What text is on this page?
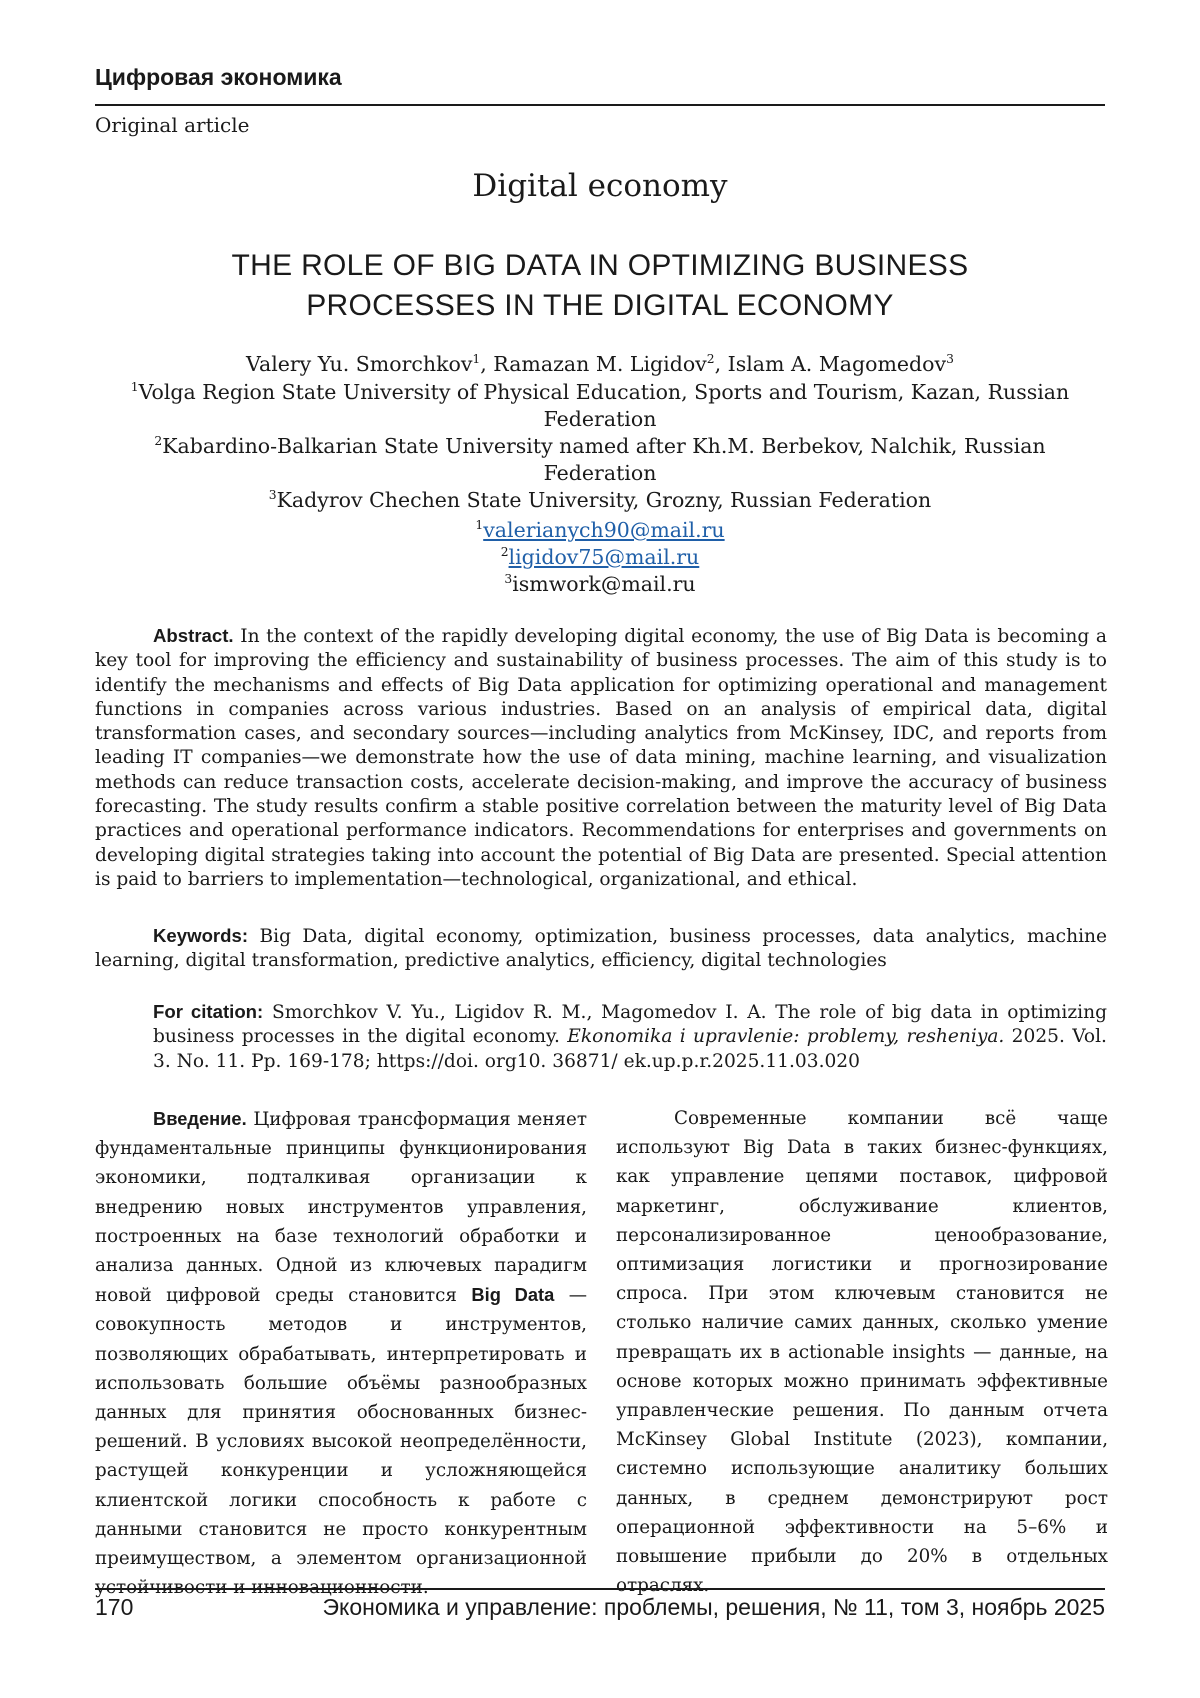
Цифровая экономика
Original article
Digital economy
THE ROLE OF BIG DATA IN OPTIMIZING BUSINESS
PROCESSES IN THE DIGITAL ECONOMY
Valery Yu. Smorchkov$^1$, Ramazan M. Ligidov$^2$, Islam A. Magomedov$^3$
$^1$Volga Region State University of Physical Education, Sports and Tourism, Kazan, Russian
Federation
$^2$Kabardino-Balkarian State University named after Kh.M. Berbekov, Nalchik, Russian
Federation
$^3$Kadyrov Chechen State University, Grozny, Russian Federation
$^1$valerianych90@mail.ru
$^2$ligidov75@mail.ru
$^3$ismwork@mail.ru
Abstract. In the context of the rapidly developing digital economy, the use of Big Data is becoming a key tool for improving the efficiency and sustainability of business processes. The aim of this study is to identify the mechanisms and effects of Big Data application for optimizing operational and management functions in companies across various industries. Based on an analysis of empirical data, digital transformation cases, and secondary sources—including analytics from McKinsey, IDC, and reports from leading IT companies—we demonstrate how the use of data mining, machine learning, and visualization methods can reduce transaction costs, accelerate decision-making, and improve the accuracy of business forecasting. The study results confirm a stable positive correlation between the maturity level of Big Data practices and operational performance indicators. Recommendations for enterprises and governments on developing digital strategies taking into account the potential of Big Data are presented. Special attention is paid to barriers to implementation—technological, organizational, and ethical.
Keywords: Big Data, digital economy, optimization, business processes, data analytics, machine learning, digital transformation, predictive analytics, efficiency, digital technologies
For citation: Smorchkov V. Yu., Ligidov R. M., Magomedov I. A. The role of big data in optimizing business processes in the digital economy. Ekonomika i upravlenie: problemy, resheniya. 2025. Vol. 3. No. 11. Pp. 169-178; https://doi. org10. 36871/ ek.up.p.r.2025.11.03.020
Введение. Цифровая трансформация меняет фундаментальные принципы функционирования экономики, подталкивая организации к внедрению новых инструментов управления, построенных на базе технологий обработки и анализа данных. Одной из ключевых парадигм новой цифровой среды становится Big Data — совокупность методов и инструментов, позволяющих обрабатывать, интерпретировать и использовать большие объёмы разнообразных данных для принятия обоснованных бизнес-решений. В условиях высокой неопределённости, растущей конкуренции и усложняющейся клиентской логики способность к работе с данными становится не просто конкурентным преимуществом, а элементом организационной устойчивости и инновационности.
Современные компании всё чаще используют Big Data в таких бизнес-функциях, как управление цепями поставок, цифровой маркетинг, обслуживание клиентов, персонализированное ценообразование, оптимизация логистики и прогнозирование спроса. При этом ключевым становится не столько наличие самих данных, сколько умение превращать их в actionable insights — данные, на основе которых можно принимать эффективные управленческие решения. По данным отчета McKinsey Global Institute (2023), компании, системно использующие аналитику больших данных, в среднем демонстрируют рост операционной эффективности на 5–6% и повышение прибыли до 20% в отдельных отраслях.
170	Экономика и управление: проблемы, решения, № 11, том 3, ноябрь 2025
